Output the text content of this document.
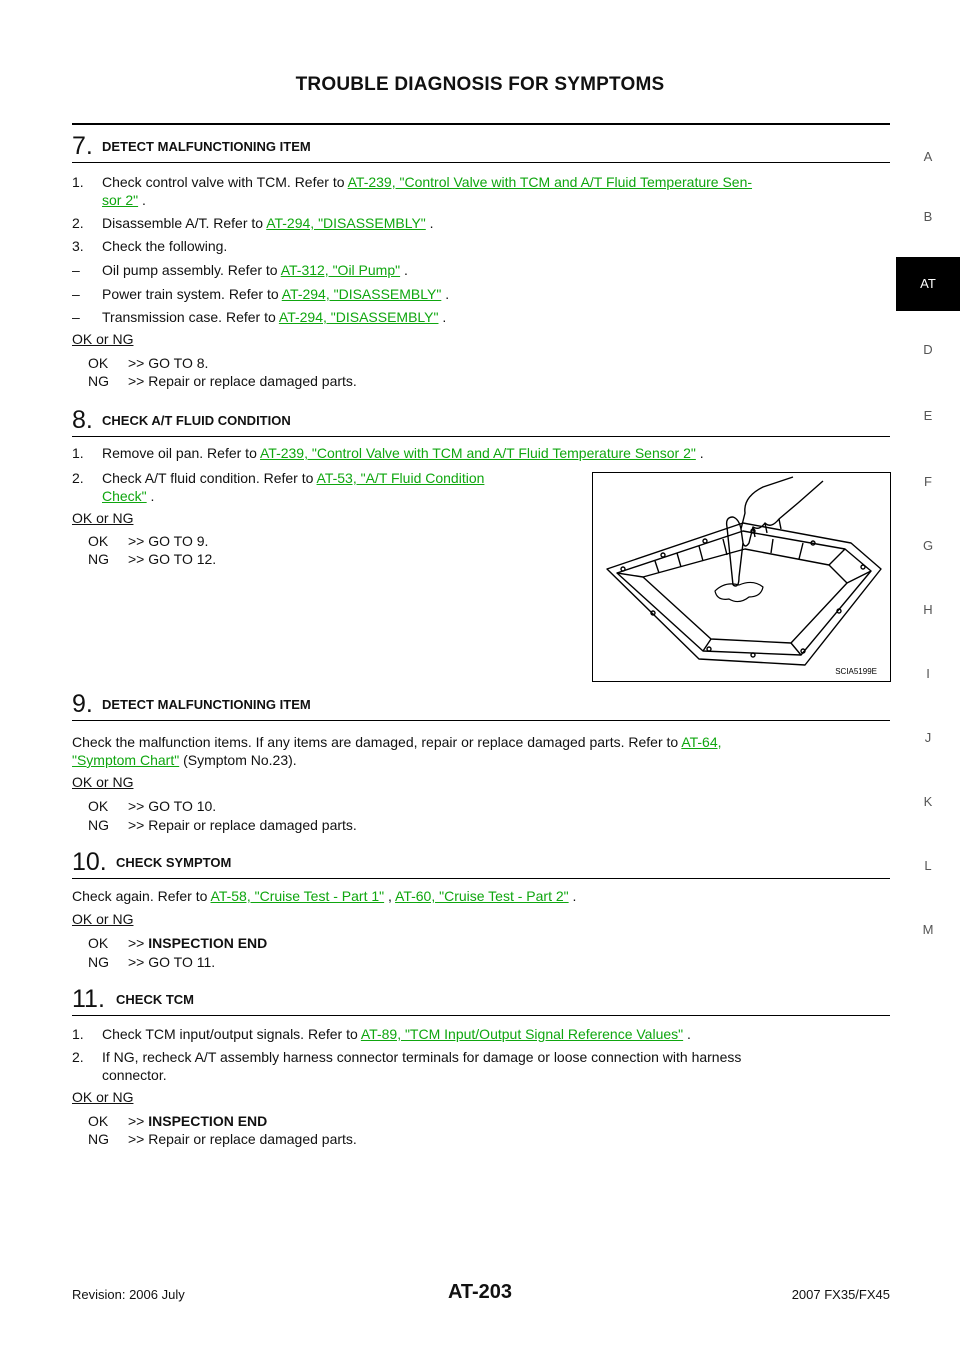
TROUBLE DIAGNOSIS FOR SYMPTOMS
A
B
AT
D
E
F
G
H
I
J
K
L
M
7. DETECT MALFUNCTIONING ITEM
1. Check control valve with TCM. Refer to AT-239, "Control Valve with TCM and A/T Fluid Temperature Sen-
sor 2" .
2. Disassemble A/T. Refer to AT-294, "DISASSEMBLY" .
3. Check the following.
– Oil pump assembly. Refer to AT-312, "Oil Pump" .
– Power train system. Refer to AT-294, "DISASSEMBLY" .
– Transmission case. Refer to AT-294, "DISASSEMBLY" .
OK or NG
OK >> GO TO 8.
NG >> Repair or replace damaged parts.
8. CHECK A/T FLUID CONDITION
1. Remove oil pan. Refer to AT-239, "Control Valve with TCM and A/T Fluid Temperature Sensor 2" .
2. Check A/T fluid condition. Refer to AT-53, "A/T Fluid Condition
Check" .
OK or NG
OK >> GO TO 9.
NG >> GO TO 12.
SCIA5199E
9. DETECT MALFUNCTIONING ITEM
Check the malfunction items. If any items are damaged, repair or replace damaged parts. Refer to AT-64,
"Symptom Chart" (Symptom No.23).
OK or NG
OK >> GO TO 10.
NG >> Repair or replace damaged parts.
10. CHECK SYMPTOM
Check again. Refer to AT-58, "Cruise Test - Part 1" , AT-60, "Cruise Test - Part 2" .
OK or NG
OK >> INSPECTION END
NG >> GO TO 11.
11. CHECK TCM
1. Check TCM input/output signals. Refer to AT-89, "TCM Input/Output Signal Reference Values" .
2. If NG, recheck A/T assembly harness connector terminals for damage or loose connection with harness
connector.
OK or NG
OK >> INSPECTION END
NG >> Repair or replace damaged parts.
Revision: 2006 July	AT-203	2007 FX35/FX45
